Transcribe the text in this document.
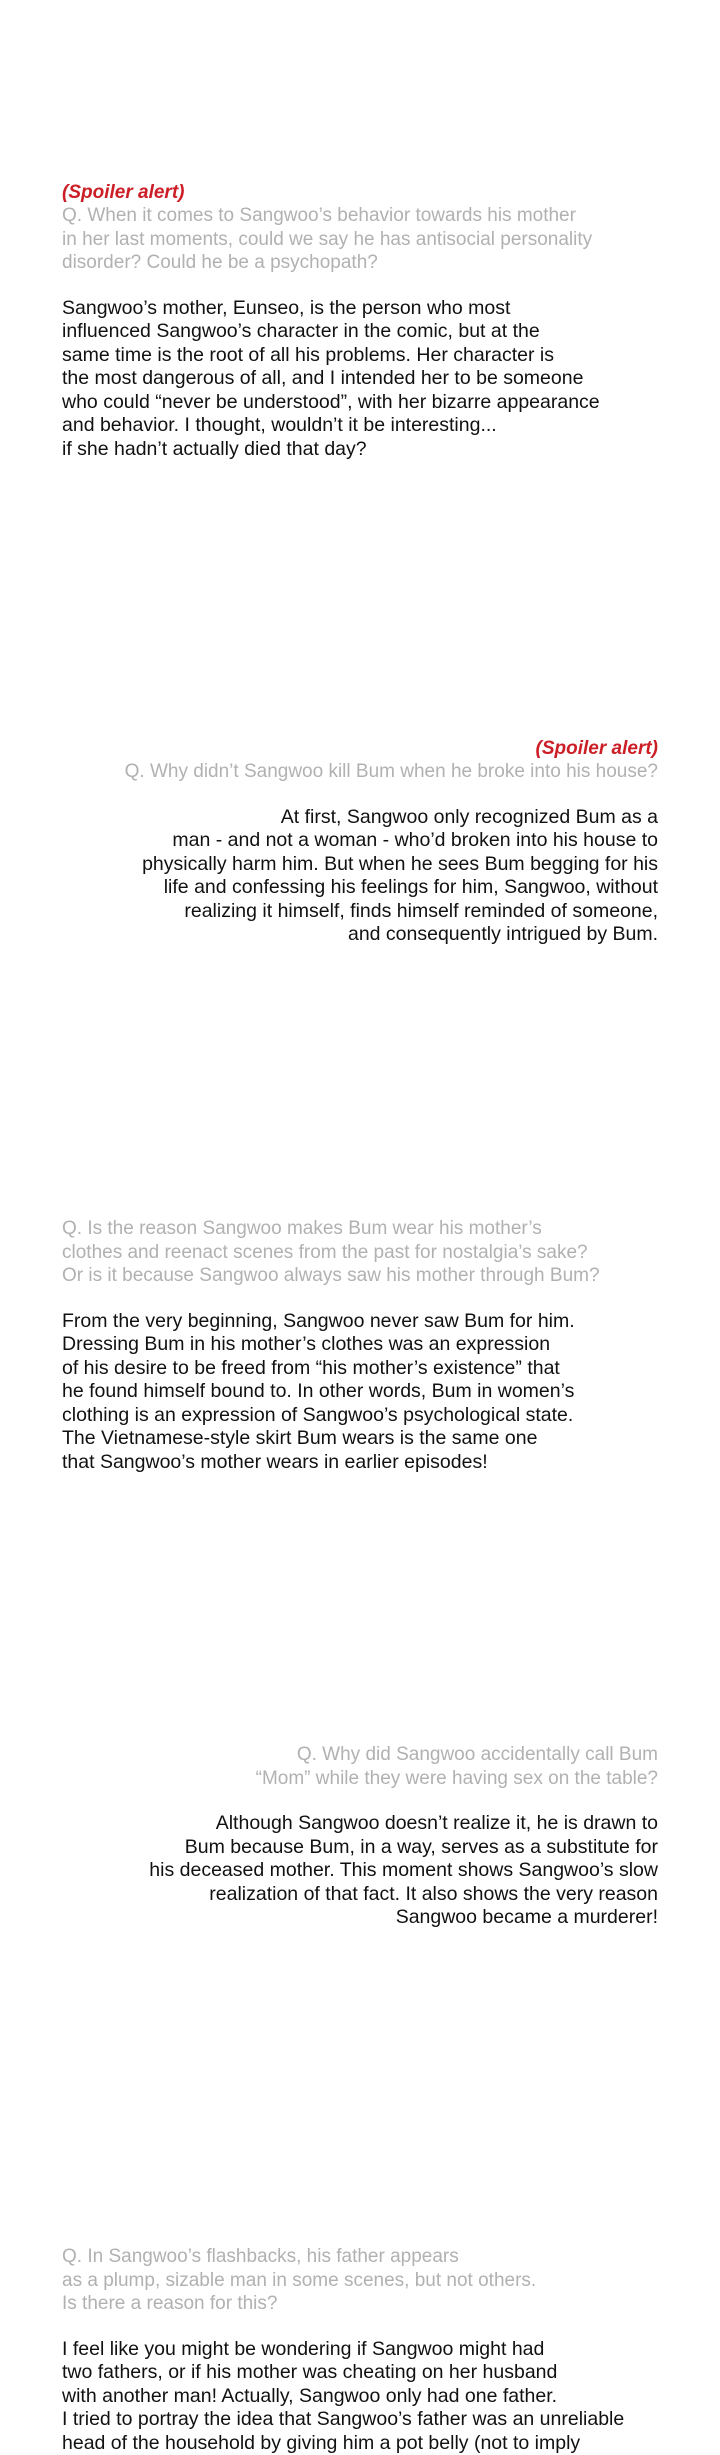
(Spoiler alert)
Q. When it comes to Sangwoo’s behavior towards his mother
in her last moments, could we say he has antisocial personality
disorder? Could he be a psychopath?
Sangwoo’s mother, Eunseo, is the person who most
influenced Sangwoo’s character in the comic, but at the
same time is the root of all his problems. Her character is
the most dangerous of all, and I intended her to be someone
who could “never be understood”, with her bizarre appearance
and behavior. I thought, wouldn’t it be interesting...
if she hadn’t actually died that day?
(Spoiler alert)
Q. Why didn’t Sangwoo kill Bum when he broke into his house?
At first, Sangwoo only recognized Bum as a
man - and not a woman - who’d broken into his house to
physically harm him. But when he sees Bum begging for his
life and confessing his feelings for him, Sangwoo, without
realizing it himself, finds himself reminded of someone,
and consequently intrigued by Bum.
Q. Is the reason Sangwoo makes Bum wear his mother’s
clothes and reenact scenes from the past for nostalgia’s sake?
Or is it because Sangwoo always saw his mother through Bum?
From the very beginning, Sangwoo never saw Bum for him.
Dressing Bum in his mother’s clothes was an expression
of his desire to be freed from “his mother’s existence” that
he found himself bound to. In other words, Bum in women’s
clothing is an expression of Sangwoo’s psychological state.
The Vietnamese-style skirt Bum wears is the same one
that Sangwoo’s mother wears in earlier episodes!
Q. Why did Sangwoo accidentally call Bum
“Mom” while they were having sex on the table?
Although Sangwoo doesn’t realize it, he is drawn to
Bum because Bum, in a way, serves as a substitute for
his deceased mother. This moment shows Sangwoo’s slow
realization of that fact. It also shows the very reason
Sangwoo became a murderer!
Q. In Sangwoo’s flashbacks, his father appears
as a plump, sizable man in some scenes, but not others.
Is there a reason for this?
I feel like you might be wondering if Sangwoo might had
two fathers, or if his mother was cheating on her husband
with another man! Actually, Sangwoo only had one father.
I tried to portray the idea that Sangwoo’s father was an unreliable
head of the household by giving him a pot belly (not to imply
